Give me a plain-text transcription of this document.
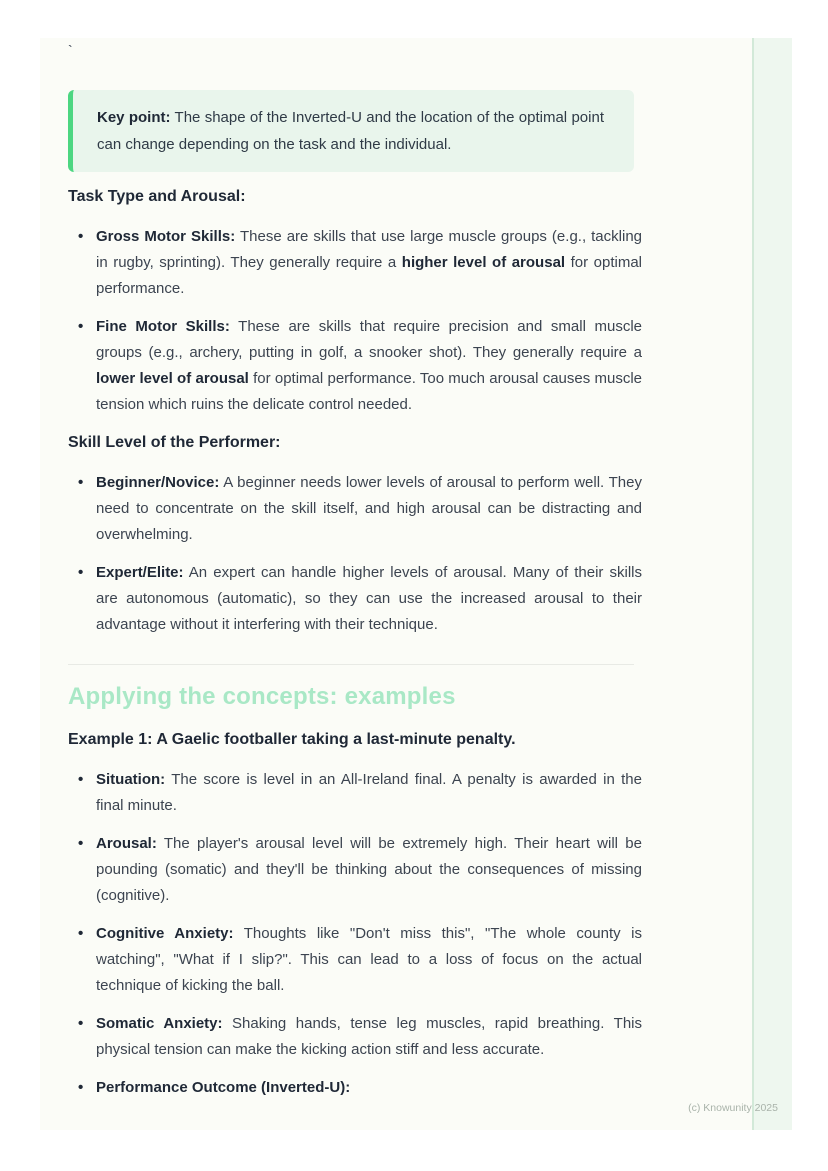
`

Key point: The shape of the Inverted-U and the location of the optimal point can change depending on the task and the individual.

Task Type and Arousal:
• Gross Motor Skills: These are skills that use large muscle groups (e.g., tackling in rugby, sprinting). They generally require a higher level of arousal for optimal performance.
• Fine Motor Skills: These are skills that require precision and small muscle groups (e.g., archery, putting in golf, a snooker shot). They generally require a lower level of arousal for optimal performance. Too much arousal causes muscle tension which ruins the delicate control needed.
Skill Level of the Performer:
• Beginner/Novice: A beginner needs lower levels of arousal to perform well. They need to concentrate on the skill itself, and high arousal can be distracting and overwhelming.
• Expert/Elite: An expert can handle higher levels of arousal. Many of their skills are autonomous (automatic), so they can use the increased arousal to their advantage without it interfering with their technique.
Applying the concepts: examples
Example 1: A Gaelic footballer taking a last-minute penalty.
• Situation: The score is level in an All-Ireland final. A penalty is awarded in the final minute.
• Arousal: The player's arousal level will be extremely high. Their heart will be pounding (somatic) and they'll be thinking about the consequences of missing (cognitive).
• Cognitive Anxiety: Thoughts like "Don't miss this", "The whole county is watching", "What if I slip?". This can lead to a loss of focus on the actual technique of kicking the ball.
• Somatic Anxiety: Shaking hands, tense leg muscles, rapid breathing. This physical tension can make the kicking action stiff and less accurate.
• Performance Outcome (Inverted-U):
(c) Knowunity 2025
